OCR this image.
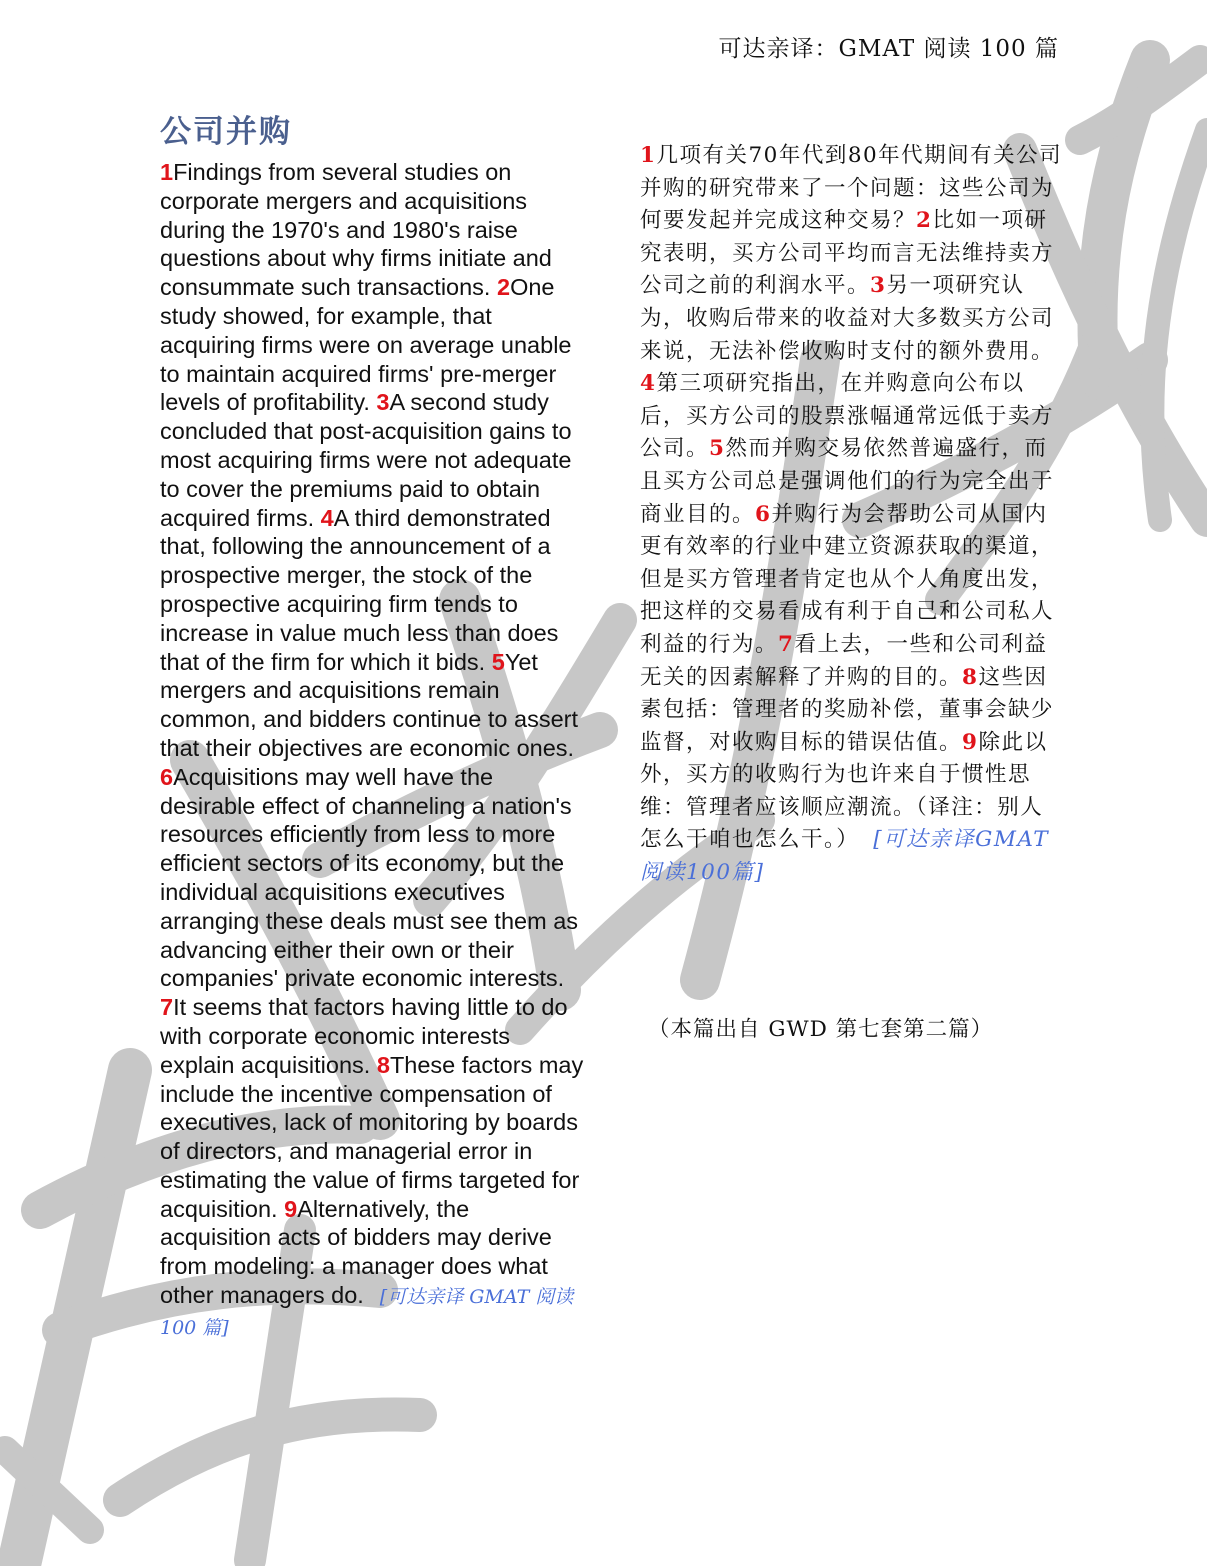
可达亲译：GMAT 阅读 100 篇
公司并购
1Findings from several studies on corporate mergers and acquisitions during the 1970's and 1980's raise questions about why firms initiate and consummate such transactions. 2One study showed, for example, that acquiring firms were on average unable to maintain acquired firms' pre-merger levels of profitability. 3A second study concluded that post-acquisition gains to most acquiring firms were not adequate to cover the premiums paid to obtain acquired firms. 4A third demonstrated that, following the announcement of a prospective merger, the stock of the prospective acquiring firm tends to increase in value much less than does that of the firm for which it bids. 5Yet mergers and acquisitions remain common, and bidders continue to assert that their objectives are economic ones. 6Acquisitions may well have the desirable effect of channeling a nation's resources efficiently from less to more efficient sectors of its economy, but the individual acquisitions executives arranging these deals must see them as advancing either their own or their companies' private economic interests. 7It seems that factors having little to do with corporate economic interests explain acquisitions. 8These factors may include the incentive compensation of executives, lack of monitoring by boards of directors, and managerial error in estimating the value of firms targeted for acquisition. 9Alternatively, the acquisition acts of bidders may derive from modeling: a manager does what other managers do. [可达亲译 GMAT 阅读 100 篇]
1几项有关70年代到80年代期间有关公司并购的研究带来了一个问题：这些公司为何要发起并完成这种交易？2比如一项研究表明，买方公司平均而言无法维持卖方公司之前的利润水平。3另一项研究认为，收购后带来的收益对大多数买方公司来说，无法补偿收购时支付的额外费用。4第三项研究指出，在并购意向公布以后，买方公司的股票涨幅通常远低于卖方公司。5然而并购交易依然普遍盛行，而且买方公司总是强调他们的行为完全出于商业目的。6并购行为会帮助公司从国内更有效率的行业中建立资源获取的渠道，但是买方管理者肯定也从个人角度出发，把这样的交易看成有利于自己和公司私人利益的行为。7看上去，一些和公司利益无关的因素解释了并购的目的。8这些因素包括：管理者的奖励补偿，董事会缺少监督，对收购目标的错误估值。9除此以外，买方的收购行为也许来自于惯性思维：管理者应该顺应潮流。（译注：别人怎么干咱也怎么干。） [可达亲译GMAT阅读100篇]
（本篇出自 GWD 第七套第二篇）
